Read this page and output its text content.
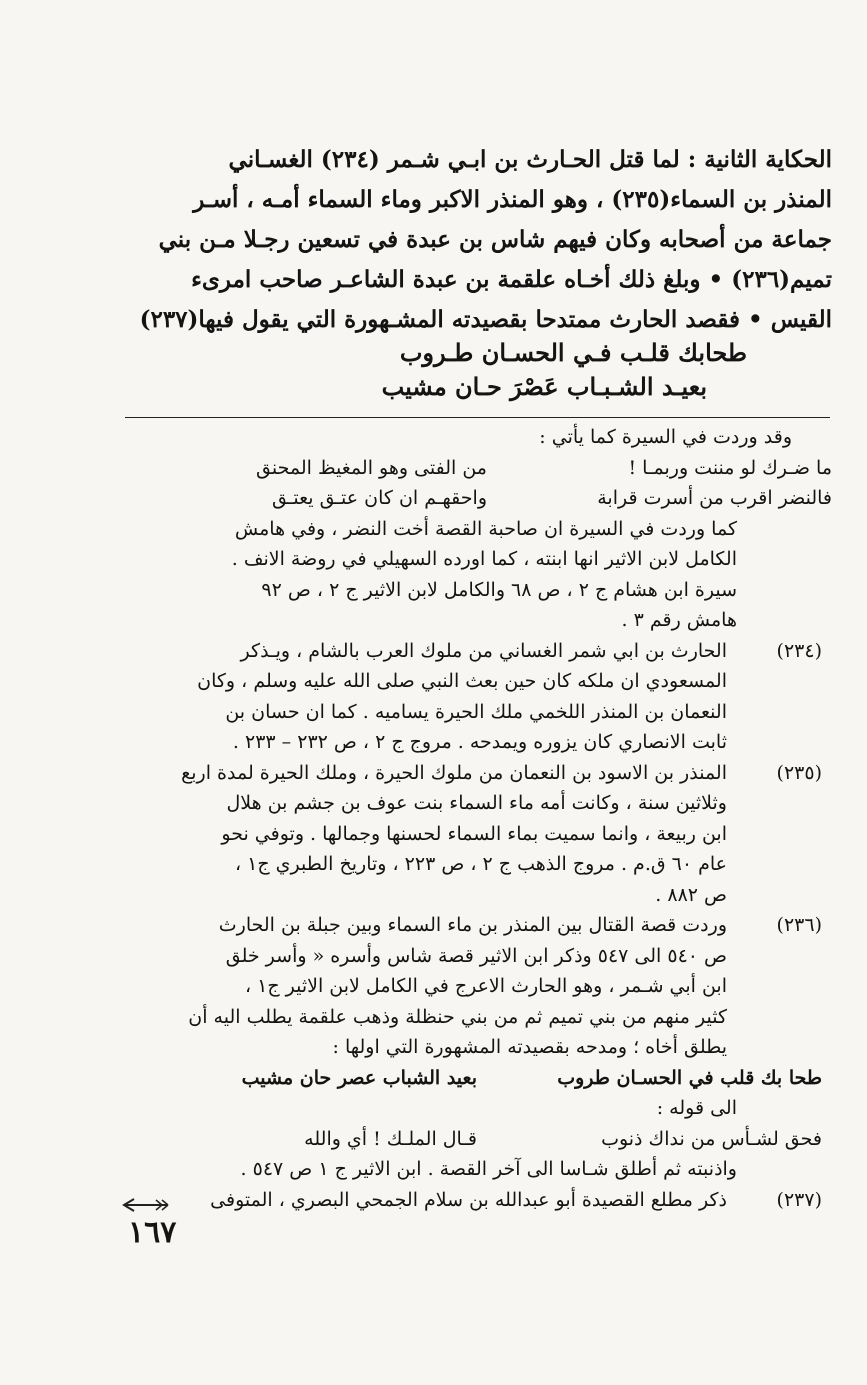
الحكاية الثانية : لما قتل الحـارث بن ابـي شـمر (٢٣٤) الغسـاني

المنذر بن السماء(٢٣٥) ، وهو المنذر الاكبر وماء السماء أمـه ، أسـر

جماعة من أصحابه وكان فيهم شاس بن عبدة في تسعين رجـلا مـن بني

تميم(٢٣٦) • وبلغ ذلك أخـاه علقمة بن عبدة الشاعـر صاحب امرىء

القيس • فقصد الحارث ممتدحا بقصيدته المشـهورة التي يقول فيها(٢٣٧)

طحابك قلـب فـي الحسـان طـروب
بعيـد الشـبـاب عَصْرَ حـان مشيب

وقد وردت في السيرة كما يأتي :

ما ضـرك لو مننت وربمـا !
من الفتى وهو المغيظ المحنق
فالنضر اقرب من أسرت قرابة
واحقهـم ان كان عتـق يعتـق

كما وردت في السيرة ان صاحبة القصة أخت النضر ، وفي هامش

الكامل لابن الاثير انها ابنته ، كما اورده السهيلي في روضة الانف .

سيرة ابن هشام ج ٢ ، ص ٦٨ والكامل لابن الاثير ج ٢ ، ص ٩٢

هامش رقم ٣ .

(٢٣٤)
الحارث بن ابي شمر الغساني من ملوك العرب بالشام ، ويـذكر
المسعودي ان ملكه كان حين بعث النبي صلى الله عليه وسلم ، وكان
النعمان بن المنذر اللخمي ملك الحيرة يساميه . كما ان حسان بن
ثابت الانصاري كان يزوره ويمدحه . مروج ج ٢ ، ص ٢٣٢ – ٢٣٣ .
(٢٣٥)
المنذر بن الاسود بن النعمان من ملوك الحيرة ، وملك الحيرة لمدة اربع
وثلاثين سنة ، وكانت أمه ماء السماء بنت عوف بن جشم بن هلال
ابن ربيعة ، وانما سميت بماء السماء لحسنها وجمالها . وتوفي نحو
عام ٦٠ ق.م . مروج الذهب ج ٢ ، ص ٢٢٣ ، وتاريخ الطبري ج١ ،
ص ٨٨٢ .
(٢٣٦)
وردت قصة القتال بين المنذر بن ماء السماء وبين جبلة بن الحارث
ص ٥٤٠ الى ٥٤٧ وذكر ابن الاثير قصة شاس وأسره « وأسر خلق
ابن أبي شـمر ، وهو الحارث الاعرج في الكامل لابن الاثير ج١ ،
كثير منهم من بني تميم ثم من بني حنظلة وذهب علقمة يطلب اليه أن
يطلق أخاه ؛ ومدحه بقصيدته المشهورة التي اولها :
طحا بك قلب في الحسـان طروب
بعيد الشباب عصر حان مشيب

الى قوله :

فحق لشـأس من نداك ذنوب
قـال الملـك ! أي والله

واذنبته ثم أطلق شـاسا الى آخر القصة . ابن الاثير ج ١ ص ٥٤٧ .

(٢٣٧)
ذكر مطلع القصيدة أبو عبدالله بن سلام الجمحي البصري ، المتوفى
١٦٧
